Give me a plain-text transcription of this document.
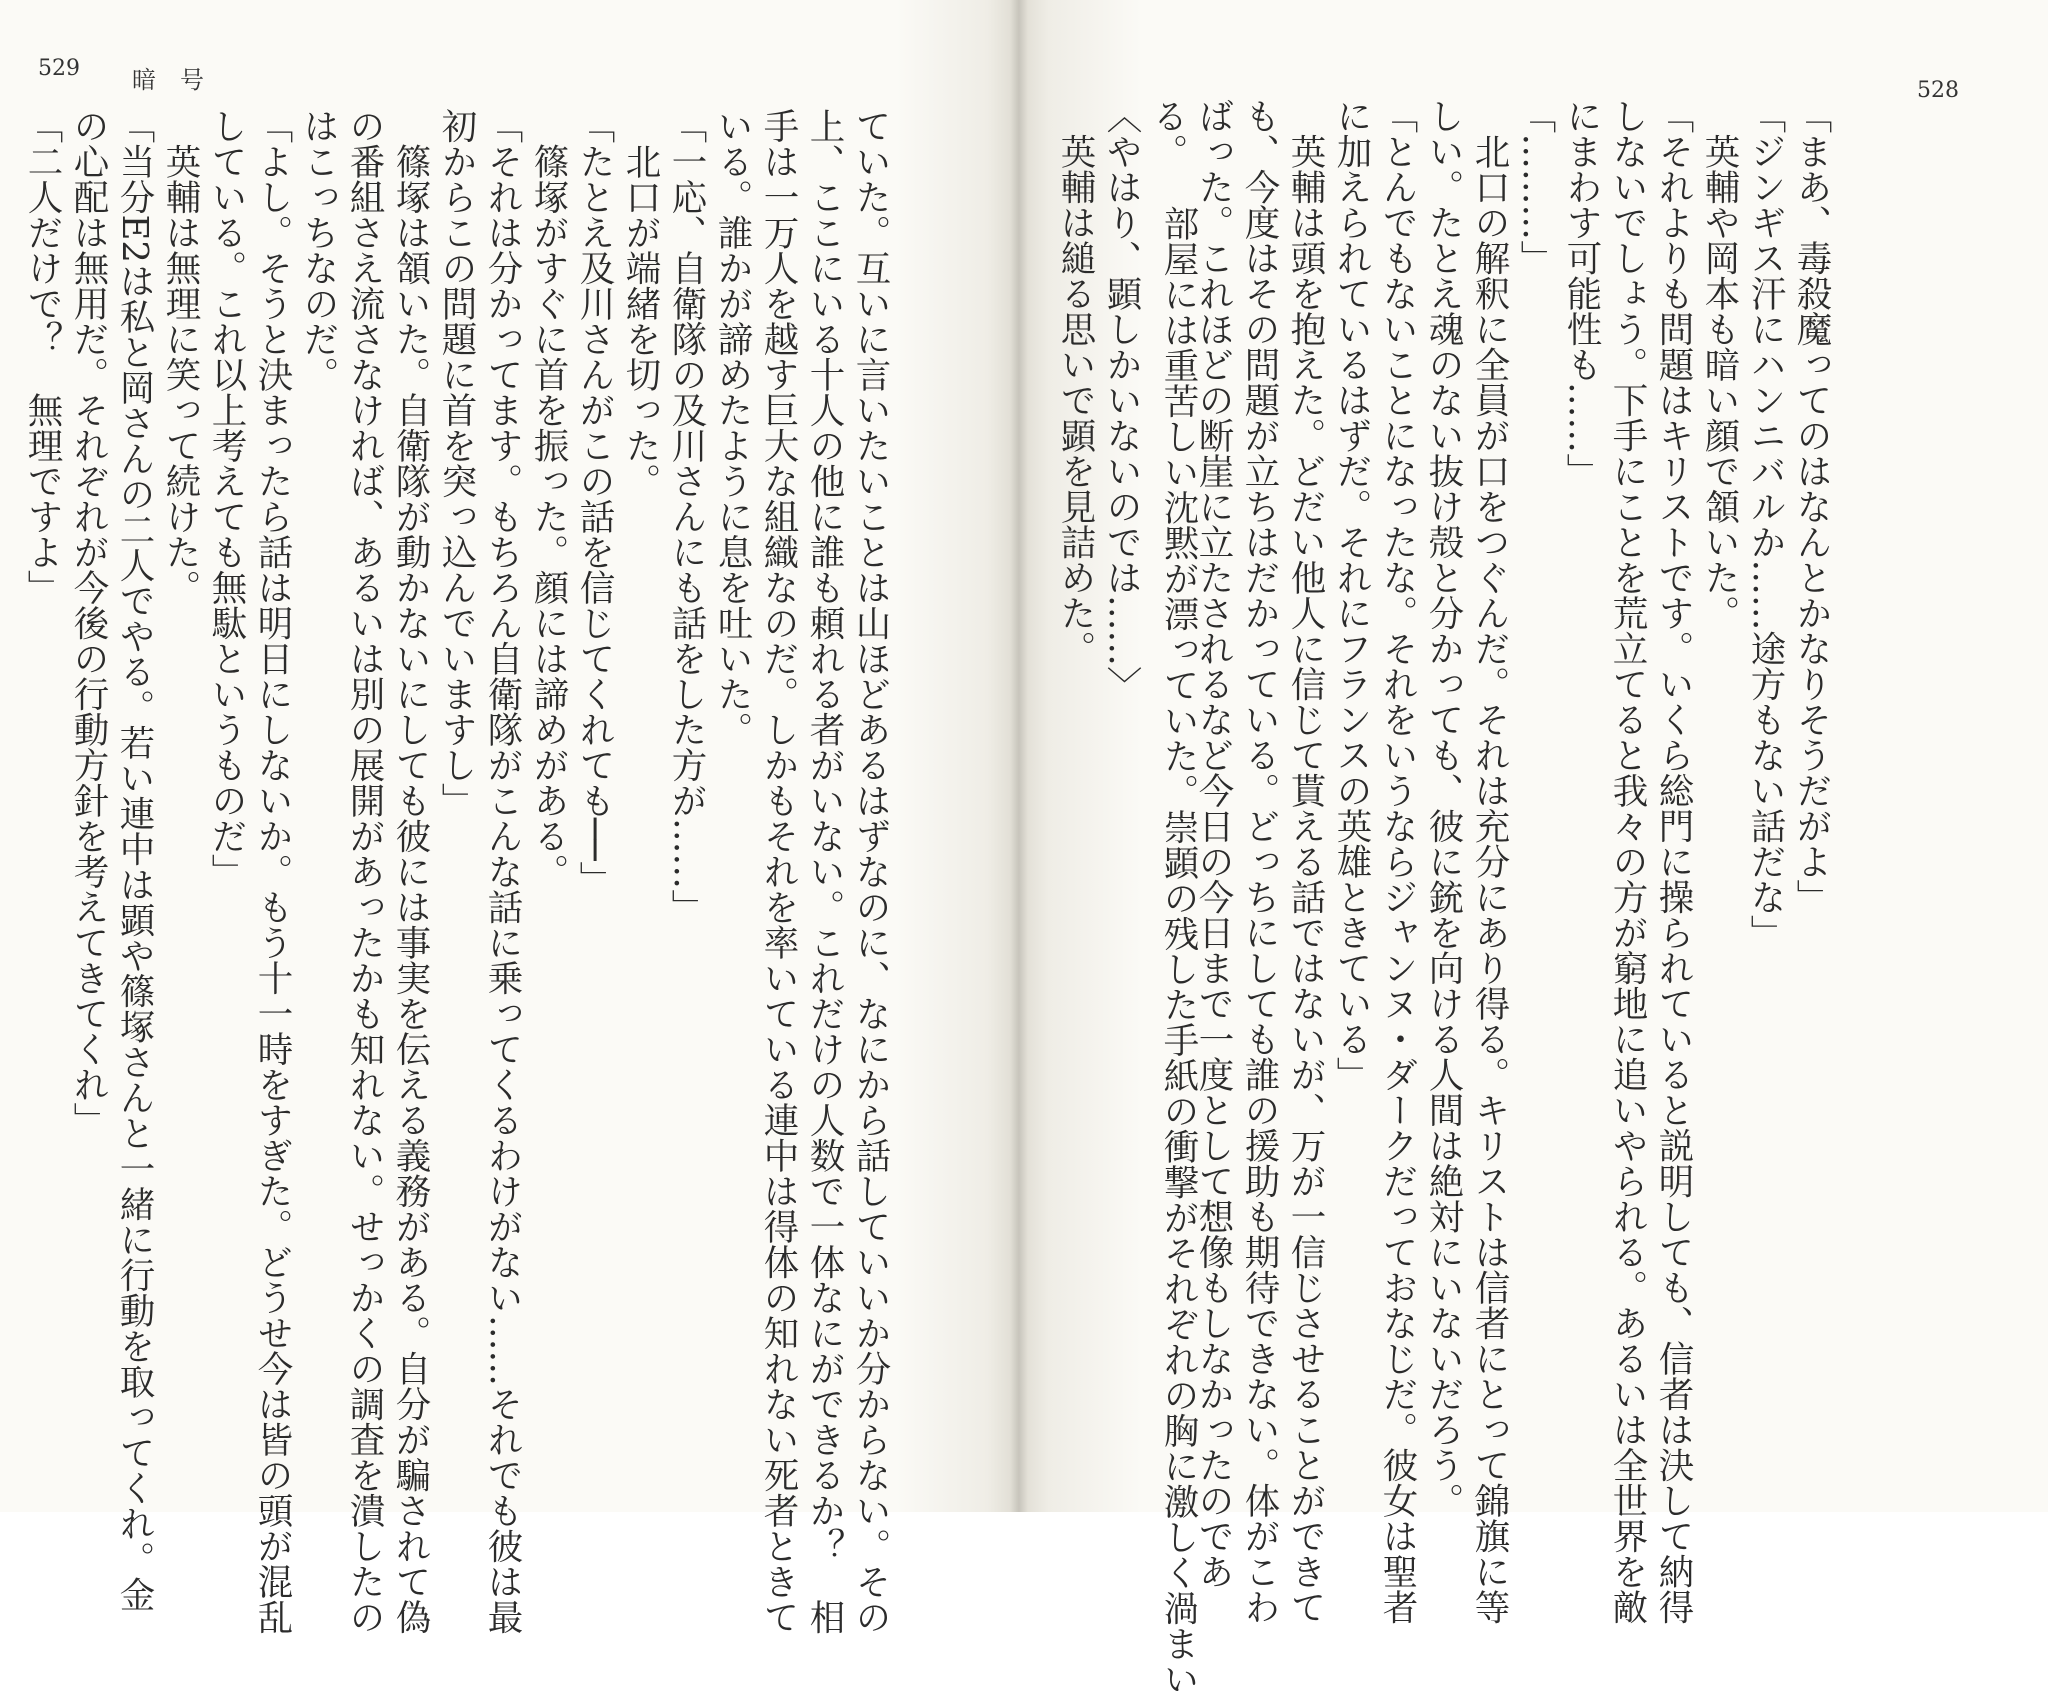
529 暗号	528
ていた。互いに言いたいことは山ほどあるはずなのに、なにから話していいか分からない。その
上、ここにいる十人の他に誰も頼れる者がいない。これだけの人数で一体なにができるか？　相
手は一万人を越す巨大な組織なのだ。しかもそれを率いている連中は得体の知れない死者ときて
いる。誰かが諦めたように息を吐いた。
「一応、自衛隊の及川さんにも話をした方が……」
　北口が端緒を切った。
「たとえ及川さんがこの話を信じてくれても──」
　篠塚がすぐに首を振った。顔には諦めがある。
「それは分かってます。もちろん自衛隊がこんな話に乗ってくるわけがない……それでも彼は最
初からこの問題に首を突っ込んでいますし」
　篠塚は頷いた。自衛隊が動かないにしても彼には事実を伝える義務がある。自分が騙されて偽
の番組さえ流さなければ、あるいは別の展開があったかも知れない。せっかくの調査を潰したの
はこっちなのだ。
「よし。そうと決まったら話は明日にしないか。もう十一時をすぎた。どうせ今は皆の頭が混乱
している。これ以上考えても無駄というものだ」
　英輔は無理に笑って続けた。
「当分E2は私と岡さんの二人でやる。若い連中は顕や篠塚さんと一緒に行動を取ってくれ。金
の心配は無用だ。それぞれが今後の行動方針を考えてきてくれ」
「二人だけで？　無理ですよ」	「まあ、毒殺魔ってのはなんとかなりそうだがよ」
「ジンギス汗にハンニバルか……途方もない話だな」
　英輔や岡本も暗い顔で頷いた。
「それよりも問題はキリストです。いくら総門に操られていると説明しても、信者は決して納得
しないでしょう。下手にことを荒立てると我々の方が窮地に追いやられる。あるいは全世界を敵
にまわす可能性も……」
「………」
　北口の解釈に全員が口をつぐんだ。それは充分にあり得る。キリストは信者にとって錦旗に等
しい。たとえ魂のない抜け殻と分かっても、彼に銃を向ける人間は絶対にいないだろう。
「とんでもないことになったな。それをいうならジャンヌ・ダークだっておなじだ。彼女は聖者
に加えられているはずだ。それにフランスの英雄ときている」
　英輔は頭を抱えた。どだい他人に信じて貰える話ではないが、万が一信じさせることができて
も、今度はその問題が立ちはだかっている。どっちにしても誰の援助も期待できない。体がこわ
ばった。これほどの断崖に立たされるなど今日の今日まで一度として想像もしなかったのであ
る。
〈やはり、顕しかいないのでは……〉
　英輔は縋る思いで顕を見詰めた。 　部屋には重苦しい沈黙が漂っていた。崇顕の残した手紙の衝撃がそれぞれの胸に激しく渦まい
